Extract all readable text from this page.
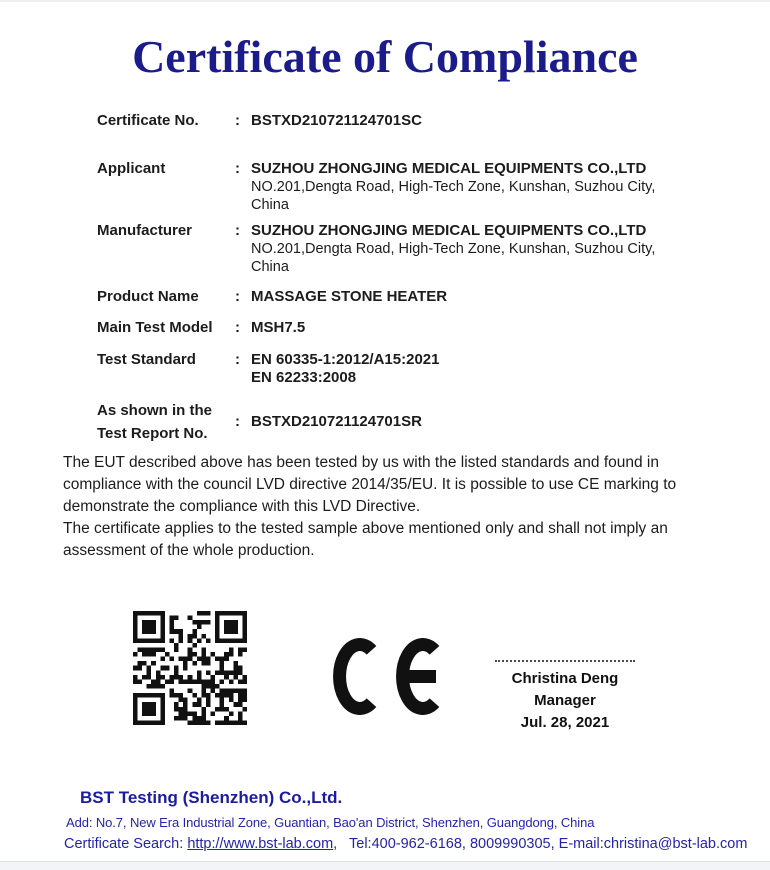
Certificate of Compliance
Certificate No.	: BSTXD210721124701SC
Applicant	: SUZHOU ZHONGJING MEDICAL EQUIPMENTS CO.,LTD
NO.201,Dengta Road, High-Tech Zone, Kunshan, Suzhou City,
China
Manufacturer	: SUZHOU ZHONGJING MEDICAL EQUIPMENTS CO.,LTD
NO.201,Dengta Road, High-Tech Zone, Kunshan, Suzhou City,
China
Product Name	: MASSAGE STONE HEATER
Main Test Model	: MSH7.5
Test Standard	: EN 60335-1:2012/A15:2021
EN 62233:2008
As shown in the
Test Report No.
: BSTXD210721124701SR

The EUT described above has been tested by us with the listed standards and found in compliance with the council LVD directive 2014/35/EU. It is possible to use CE marking to demonstrate the compliance with this LVD Directive.

The certificate applies to the tested sample above mentioned only and shall not imply an assessment of the whole production.

Christina Deng
Manager
Jul. 28, 2021
BST Testing (Shenzhen) Co.,Ltd.
Add: No.7, New Era Industrial Zone, Guantian, Bao'an District, Shenzhen, Guangdong, China
Certificate Search: http://www.bst-lab.com,   Tel:400-962-6168, 8009990305, E-mail:christina@bst-lab.com
